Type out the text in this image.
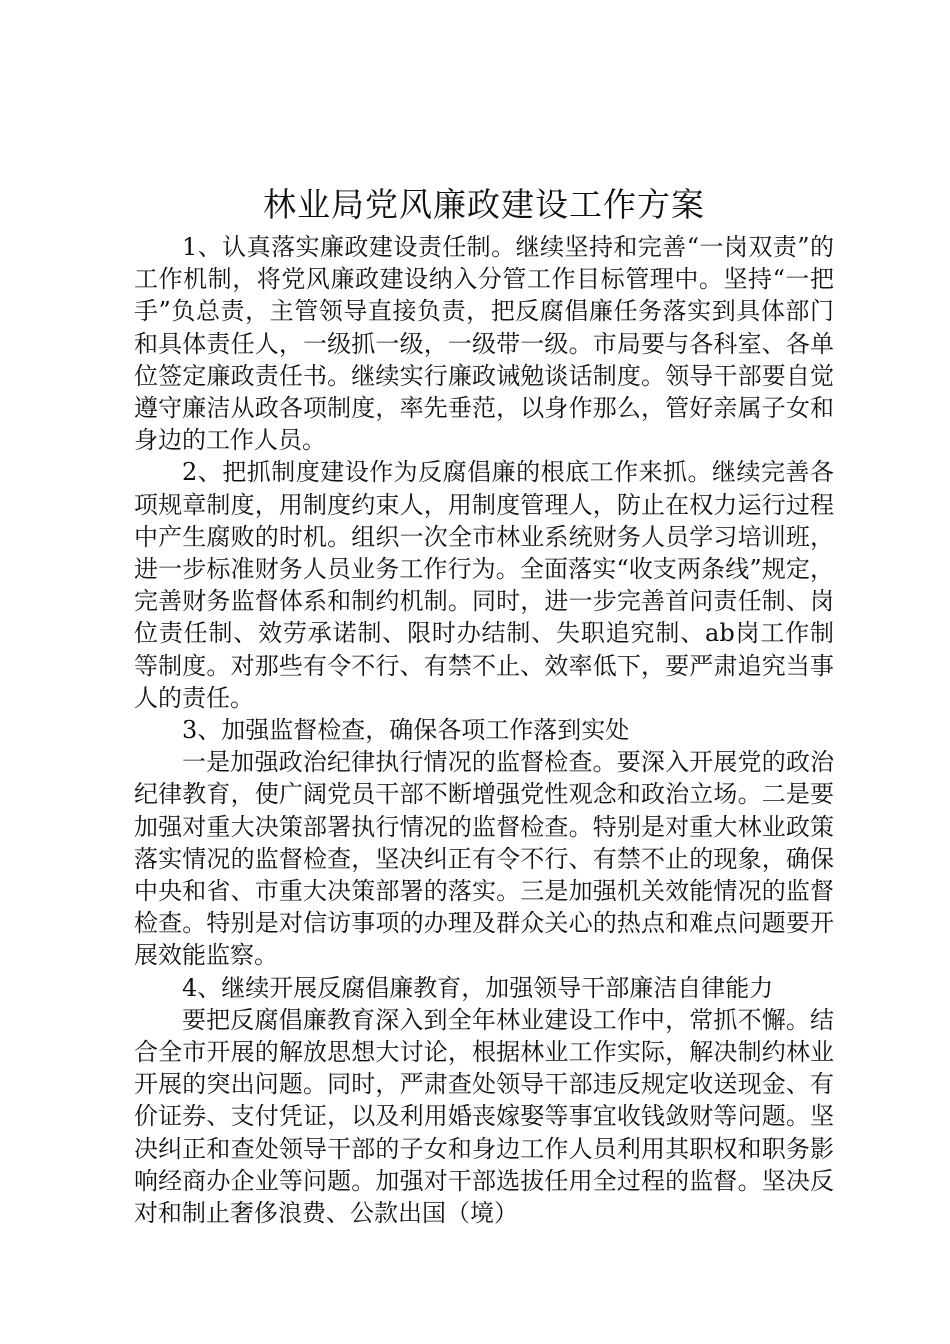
林业局党风廉政建设工作方案

1、认真落实廉政建设责任制。继续坚持和完善“一岗双责”的工作机制，将党风廉政建设纳入分管工作目标管理中。坚持“一把手”负总责，主管领导直接负责，把反腐倡廉任务落实到具体部门和具体责任人，一级抓一级，一级带一级。市局要与各科室、各单位签定廉政责任书。继续实行廉政诫勉谈话制度。领导干部要自觉遵守廉洁从政各项制度，率先垂范，以身作那么，管好亲属子女和身边的工作人员。

2、把抓制度建设作为反腐倡廉的根底工作来抓。继续完善各项规章制度，用制度约束人，用制度管理人，防止在权力运行过程中产生腐败的时机。组织一次全市林业系统财务人员学习培训班，进一步标准财务人员业务工作行为。全面落实“收支两条线”规定，完善财务监督体系和制约机制。同时，进一步完善首问责任制、岗位责任制、效劳承诺制、限时办结制、失职追究制、ab岗工作制等制度。对那些有令不行、有禁不止、效率低下，要严肃追究当事人的责任。

3、加强监督检查，确保各项工作落到实处

一是加强政治纪律执行情况的监督检查。要深入开展党的政治纪律教育，使广阔党员干部不断增强党性观念和政治立场。二是要加强对重大决策部署执行情况的监督检查。特别是对重大林业政策落实情况的监督检查，坚决纠正有令不行、有禁不止的现象，确保中央和省、市重大决策部署的落实。三是加强机关效能情况的监督检查。特别是对信访事项的办理及群众关心的热点和难点问题要开展效能监察。

4、继续开展反腐倡廉教育，加强领导干部廉洁自律能力

要把反腐倡廉教育深入到全年林业建设工作中，常抓不懈。结合全市开展的解放思想大讨论，根据林业工作实际，解决制约林业开展的突出问题。同时，严肃查处领导干部违反规定收送现金、有价证券、支付凭证，以及利用婚丧嫁娶等事宜收钱敛财等问题。坚决纠正和查处领导干部的子女和身边工作人员利用其职权和职务影响经商办企业等问题。加强对干部选拔任用全过程的监督。坚决反对和制止奢侈浪费、公款出国（境）
